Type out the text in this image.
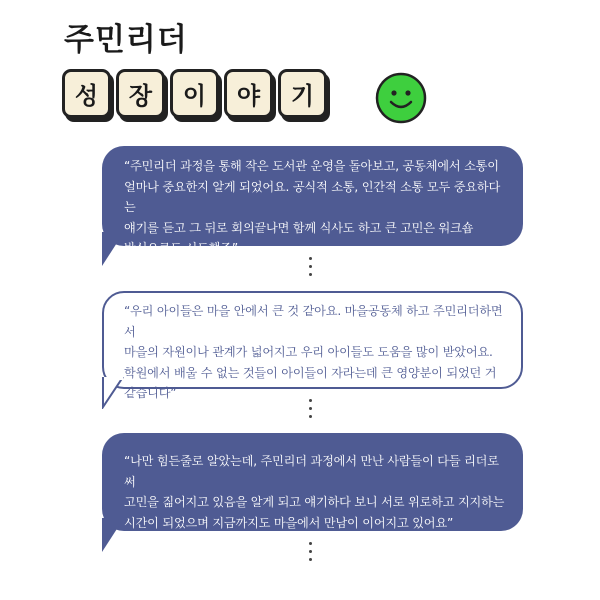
주민리더
성	장	이	야	기
“주민리더 과정을 통해 작은 도서관 운영을 돌아보고, 공동체에서 소통이
얼마나 중요한지 알게 되었어요. 공식적 소통, 인간적 소통 모두 중요하다는
얘기를 듣고 그 뒤로 회의끝나면 함께 식사도 하고 큰 고민은 워크숍
방식으로도 시도했죠”
“우리 아이들은 마을 안에서 큰 것 같아요. 마을공동체 하고 주민리더하면서
마을의 자원이나 관계가 넓어지고 우리 아이들도 도움을 많이 받았어요.
학원에서 배울 수 없는 것들이 아이들이 자라는데 큰 영양분이 되었던 거
같습니다”
“나만 힘든줄로 알았는데, 주민리더 과정에서 만난 사람들이 다들 리더로써
고민을 짊어지고 있음을 알게 되고 얘기하다 보니 서로 위로하고 지지하는
시간이 되었으며 지금까지도 마을에서 만남이 이어지고 있어요”
